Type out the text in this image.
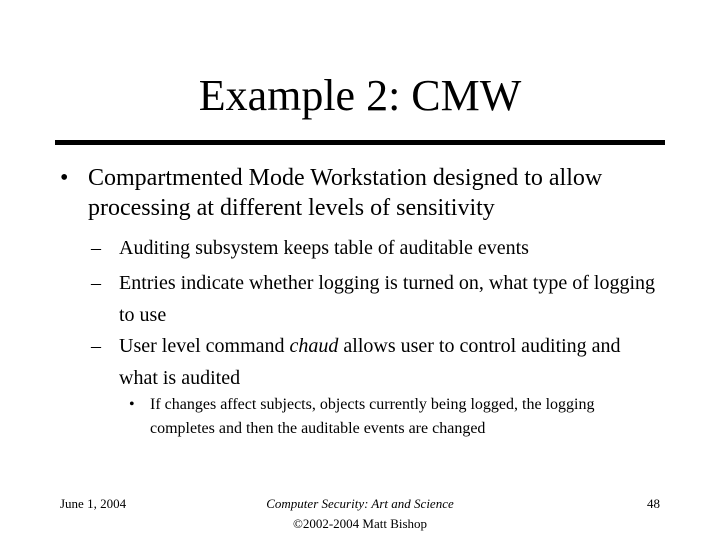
Example 2: CMW
• Compartmented Mode Workstation designed to allow processing at different levels of sensitivity
– Auditing subsystem keeps table of auditable events
– Entries indicate whether logging is turned on, what type of logging to use
– User level command chaud allows user to control auditing and what is audited
• If changes affect subjects, objects currently being logged, the logging completes and then the auditable events are changed
June 1, 2004	Computer Security: Art and Science
©2002-2004 Matt Bishop
48
